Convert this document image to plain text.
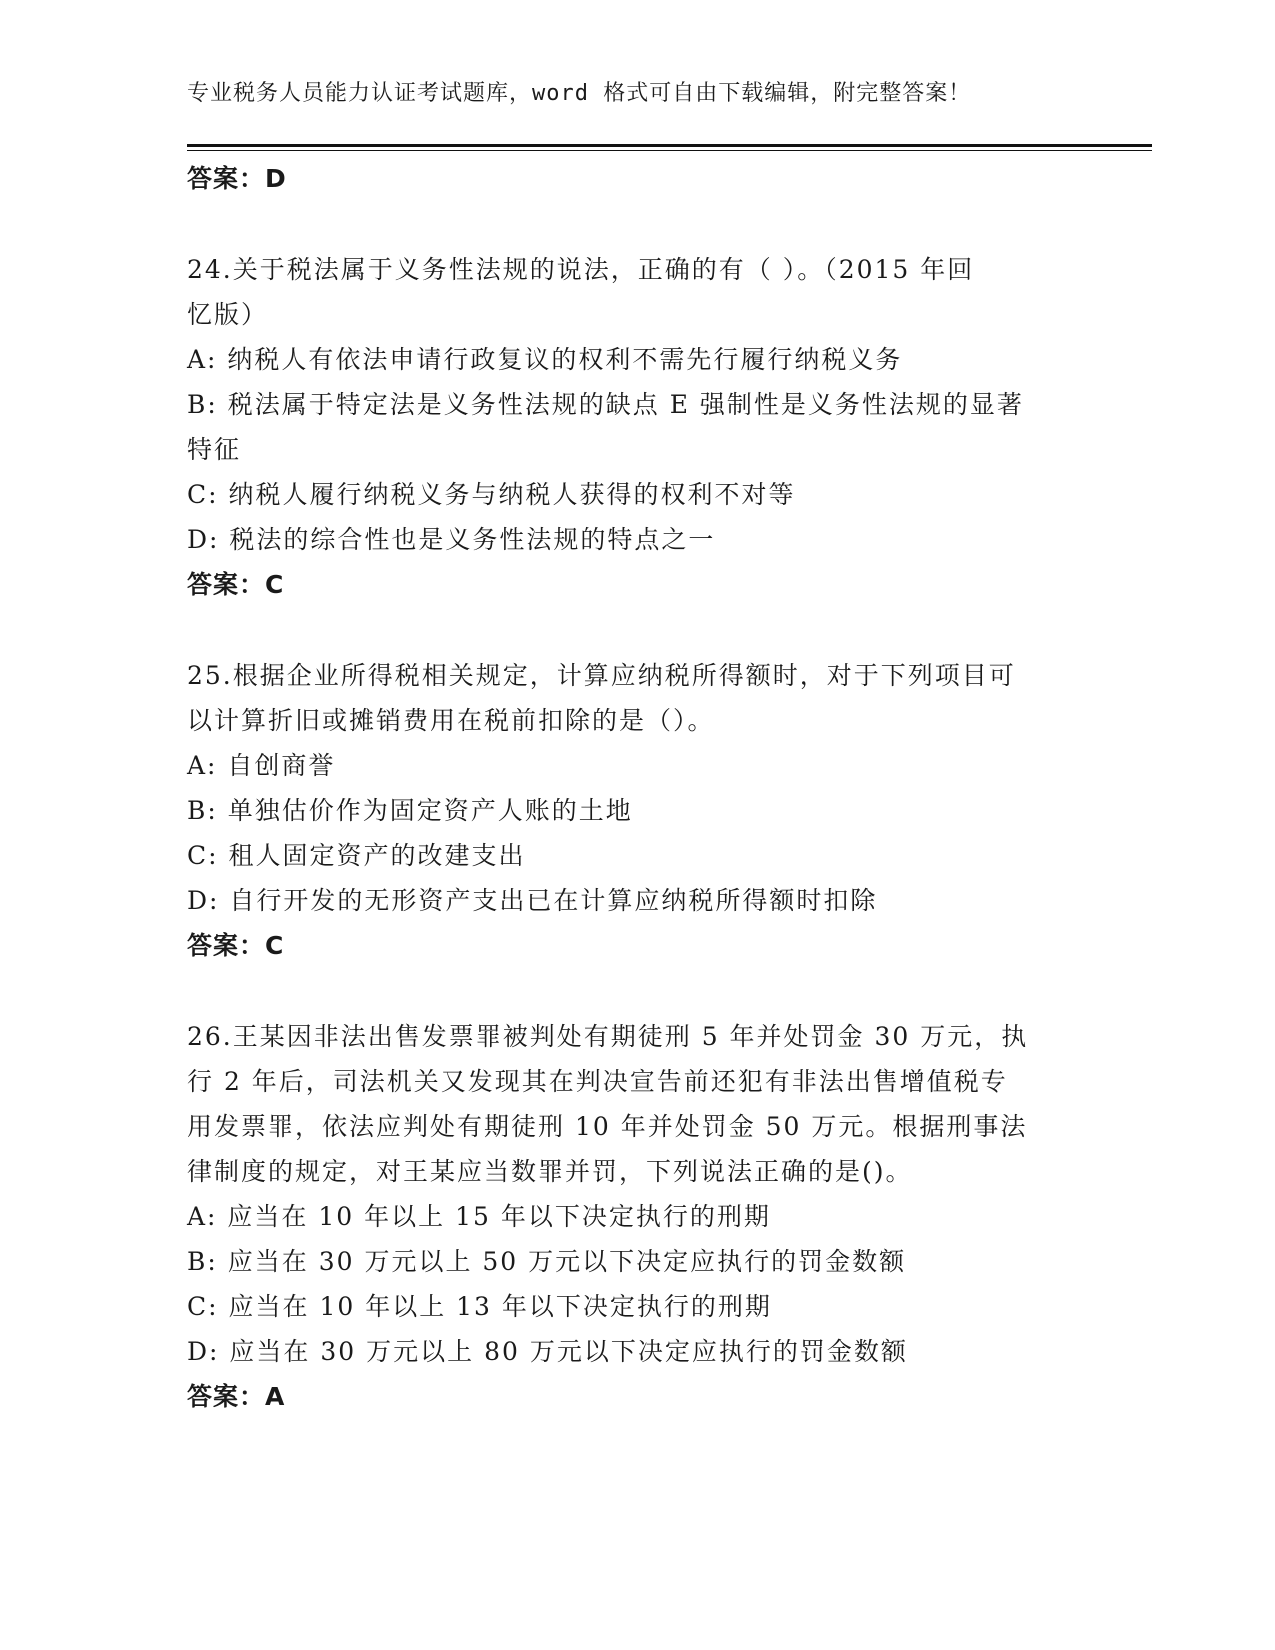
专业税务人员能力认证考试题库，word 格式可自由下载编辑，附完整答案！
答案：D
24.关于税法属于义务性法规的说法，正确的有（ ）。（2015 年回
忆版）
A: 纳税人有依法申请行政复议的权利不需先行履行纳税义务
B: 税法属于特定法是义务性法规的缺点 E 强制性是义务性法规的显著
特征
C: 纳税人履行纳税义务与纳税人获得的权利不对等
D: 税法的综合性也是义务性法规的特点之一
答案：C
25.根据企业所得税相关规定，计算应纳税所得额时，对于下列项目可
以计算折旧或摊销费用在税前扣除的是（）。
A: 自创商誉
B: 单独估价作为固定资产人账的土地
C: 租人固定资产的改建支出
D: 自行开发的无形资产支出已在计算应纳税所得额时扣除
答案：C
26.王某因非法出售发票罪被判处有期徒刑 5 年并处罚金 30 万元，执
行 2 年后，司法机关又发现其在判决宣告前还犯有非法出售增值税专
用发票罪，依法应判处有期徒刑 10 年并处罚金 50 万元。根据刑事法
律制度的规定，对王某应当数罪并罚，下列说法正确的是()。
A: 应当在 10 年以上 15 年以下决定执行的刑期
B: 应当在 30 万元以上 50 万元以下决定应执行的罚金数额
C: 应当在 10 年以上 13 年以下决定执行的刑期
D: 应当在 30 万元以上 80 万元以下决定应执行的罚金数额
答案：A
